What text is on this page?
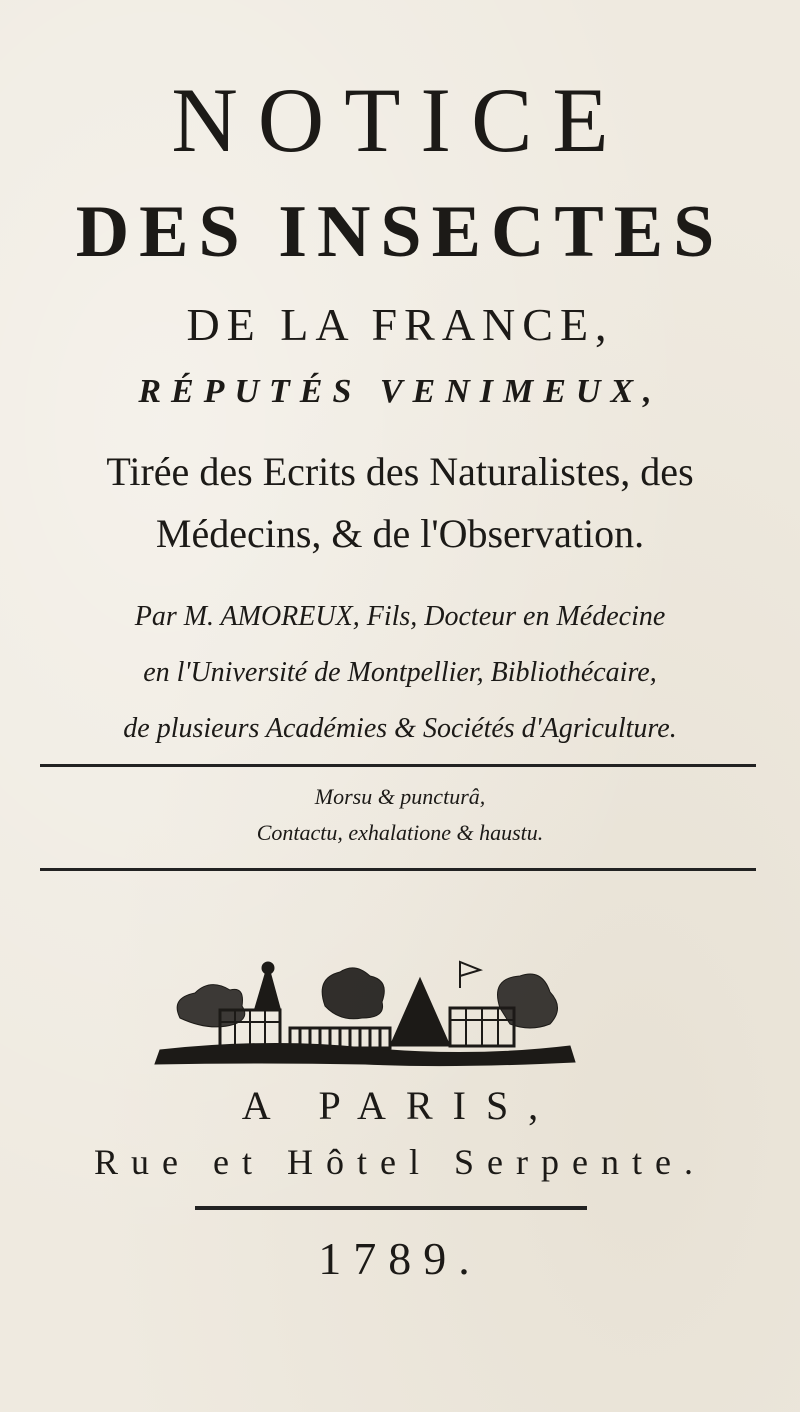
NOTICE
DES INSECTES
DE LA FRANCE,
RÉPUTÉS VENIMEUX,
Tirée des Ecrits des Naturalistes, des
Médecins, & de l'Observation.
Par M. AMOREUX, Fils, Docteur en Médecine
en l'Université de Montpellier, Bibliothécaire,
de plusieurs Académies & Sociétés d'Agriculture.
Morsu & puncturâ,
Contactu, exhalatione & haustu.
A PARIS,
Rue et Hôtel Serpente.
1789.
